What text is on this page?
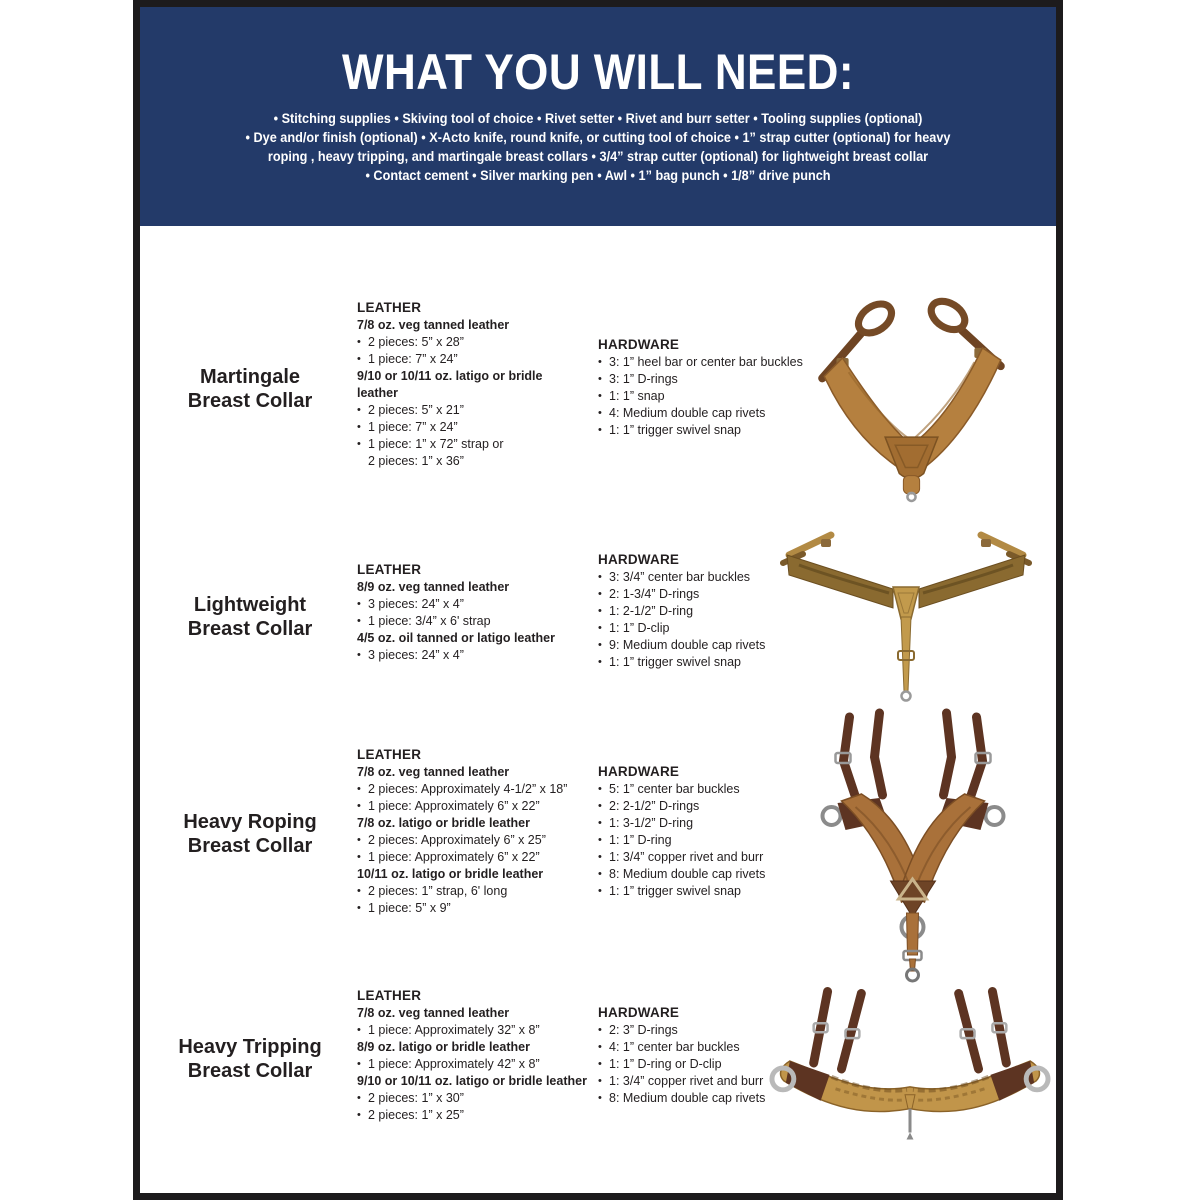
WHAT YOU WILL NEED:
• Stitching supplies • Skiving tool of choice • Rivet setter • Rivet and burr setter • Tooling supplies (optional)
• Dye and/or finish (optional) • X-Acto knife, round knife, or cutting tool of choice • 1” strap cutter (optional) for heavy
roping , heavy tripping, and martingale breast collars • 3/4” strap cutter (optional) for lightweight breast collar
• Contact cement • Silver marking pen • Awl • 1” bag punch • 1/8” drive punch
Martingale
Breast Collar
LEATHER
7/8 oz. veg tanned leather
• 2 pieces: 5” x 28”
• 1 piece: 7” x 24”
9/10 or 10/11 oz. latigo or bridle leather
• 2 pieces: 5” x 21”
• 1 piece: 7” x 24”
• 1 piece: 1” x 72” strap or
2 pieces: 1” x 36”
HARDWARE
• 3: 1” heel bar or center bar buckles
• 3: 1” D-rings
• 1: 1” snap
• 4: Medium double cap rivets
• 1: 1” trigger swivel snap
Lightweight
Breast Collar
LEATHER
8/9 oz. veg tanned leather
• 3 pieces: 24” x 4”
• 1 piece: 3/4” x 6' strap
4/5 oz. oil tanned or latigo leather
• 3 pieces: 24” x 4”
HARDWARE
• 3: 3/4” center bar buckles
• 2: 1-3/4” D-rings
• 1: 2-1/2” D-ring
• 1: 1” D-clip
• 9: Medium double cap rivets
• 1: 1” trigger swivel snap
Heavy Roping
Breast Collar
LEATHER
7/8 oz. veg tanned leather
• 2 pieces: Approximately 4-1/2” x 18”
• 1 piece: Approximately 6” x 22”
7/8 oz. latigo or bridle leather
• 2 pieces: Approximately 6” x 25”
• 1 piece: Approximately 6” x 22”
10/11 oz. latigo or bridle leather
• 2 pieces: 1” strap, 6' long
• 1 piece: 5” x 9”
HARDWARE
• 5: 1” center bar buckles
• 2: 2-1/2” D-rings
• 1: 3-1/2” D-ring
• 1: 1” D-ring
• 1: 3/4” copper rivet and burr
• 8: Medium double cap rivets
• 1: 1” trigger swivel snap
Heavy Tripping
Breast Collar
LEATHER
7/8 oz. veg tanned leather
• 1 piece: Approximately 32” x 8”
8/9 oz. latigo or bridle leather
• 1 piece: Approximately 42” x 8”
9/10 or 10/11 oz. latigo or bridle leather
• 2 pieces: 1” x 30”
• 2 pieces: 1” x 25”
HARDWARE
• 2: 3” D-rings
• 4: 1” center bar buckles
• 1: 1” D-ring or D-clip
• 1: 3/4” copper rivet and burr
• 8: Medium double cap rivets
